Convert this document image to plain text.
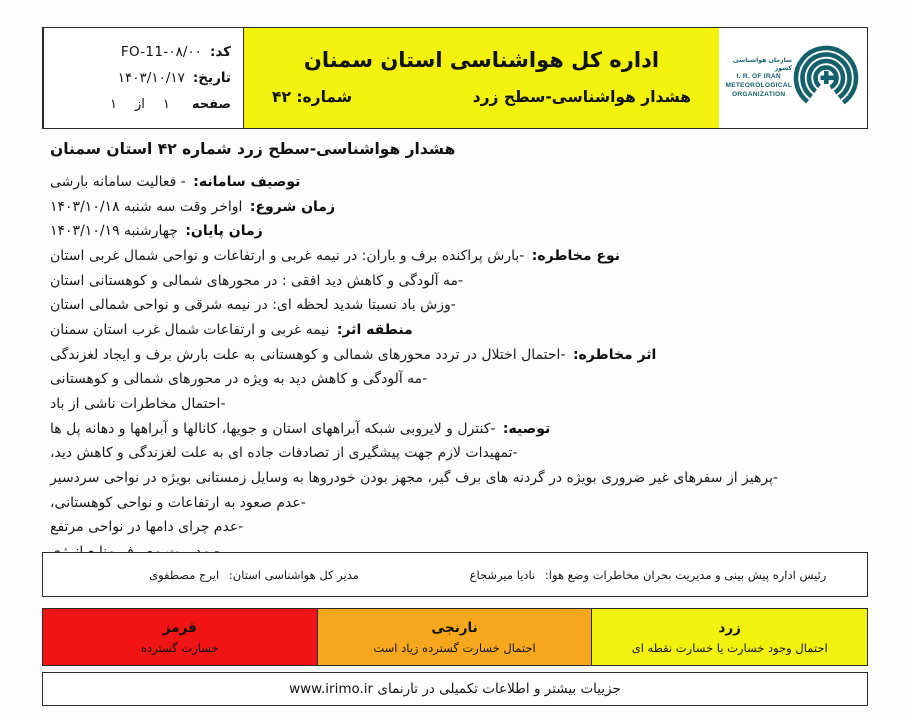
سازمان هواشناسی کشور
I. R. OF IRAN
METEOROLOGICAL
ORGANIZATION
اداره کل هواشناسی استان سمنان
هشدار هواشناسی-سطح زرد
شماره: ۴۲
کد:
FO-11-۰۸/۰۰
تاریخ:
۱۴۰۳/۱۰/۱۷
صفحه
۱
از
۱
هشدار هواشناسی-سطح زرد شماره ۴۲ استان سمنان
توصیف سامانه: - فعالیت سامانه بارشی
زمان شروع: اواخر وقت سه شنبه ۱۴۰۳/۱۰/۱۸
زمان پایان: چهارشنبه ۱۴۰۳/۱۰/۱۹
نوع مخاطره: -بارش پراکنده برف و باران: در نیمه غربی و ارتفاعات و نواحی شمال غربی استان
-مه آلودگی و کاهش دید افقی : در محورهای شمالی و کوهستانی استان
-وزش باد نسبتا شدید لحظه ای: در نیمه شرقی و نواحی شمالی استان
منطقه اثر: نیمه غربی و ارتفاعات شمال غرب استان سمنان
اثر مخاطره: -احتمال اختلال در تردد محورهای شمالی و کوهستانی به علت بارش برف و ایجاد لغزندگی
-مه آلودگی و کاهش دید به ویژه در محورهای شمالی و کوهستانی
-احتمال مخاطرات ناشی از باد
توصیه: -کنترل و لایروبی شبکه آبراههای استان و جویها، کانالها و آبراهها و دهانه پل ها
-تمهیدات لازم جهت پیشگیری از تصادفات جاده ای به علت لغزندگی و کاهش دید،
-پرهیز از سفرهای غیر ضروری بویژه در گردنه های برف گیر، مجهز بودن خودروها به وسایل زمستانی بویژه در نواحی سردسیر
-عدم صعود به ارتفاعات و نواحی کوهستانی،
-عدم چرای دامها در نواحی مرتفع
رئیس اداره پیش بینی و مدیریت بحران مخاطرات وضع هوا: نادیا میرشجاع
مدیر کل هواشناسی استان: ایرج مصطفوی
زرد
احتمال وجود خسارت یا خسارت نقطه ای
نارنجی
احتمال خسارت گسترده زیاد است
قرمز
خسارت گسترده
جزییات بیشتر و اطلاعات تکمیلی در تارنمای www.irimo.ir
